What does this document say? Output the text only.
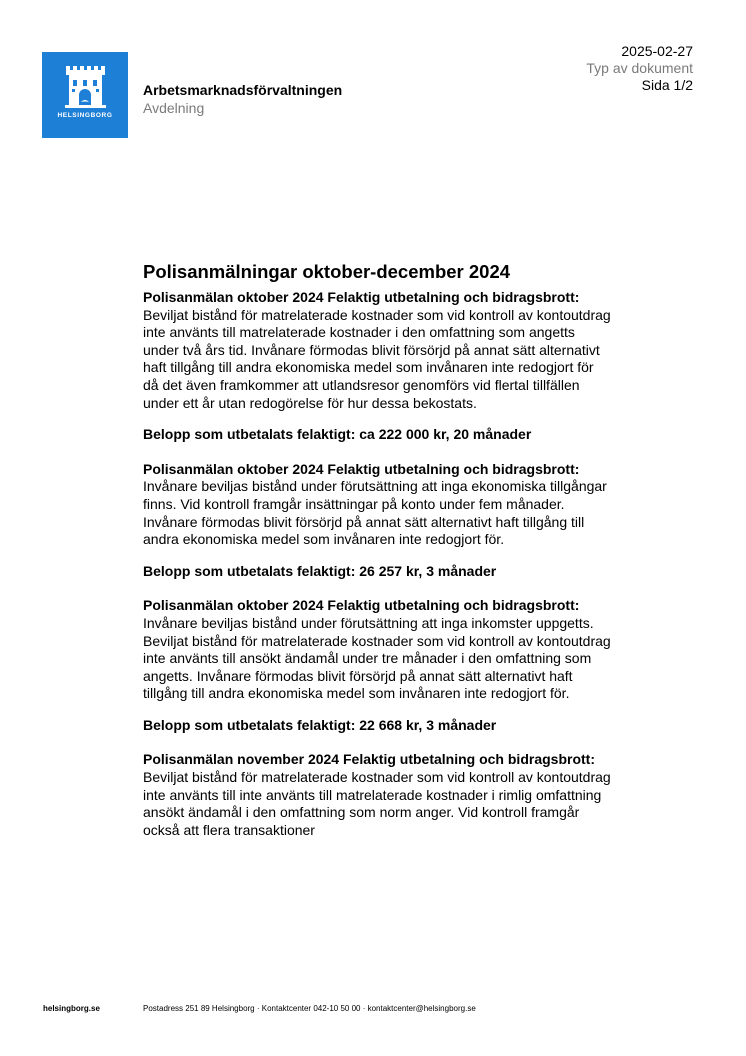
HELSINGBORG
Arbetsmarknadsförvaltningen
Avdelning
2025-02-27
Typ av dokument
Sida 1/2
Polisanmälningar oktober-december 2024

Polisanmälan oktober 2024 Felaktig utbetalning och bidragsbrott: Beviljat bistånd för matrelaterade kostnader som vid kontroll av kontoutdrag inte använts till matrelaterade kostnader i den omfattning som angetts under två års tid. Invånare förmodas blivit försörjd på annat sätt alternativt haft tillgång till andra ekonomiska medel som invånaren inte redogjort för då det även framkommer att utlandsresor genomförs vid flertal tillfällen under ett år utan redogörelse för hur dessa bekostats.

Belopp som utbetalats felaktigt: ca 222 000 kr, 20 månader

Polisanmälan oktober 2024 Felaktig utbetalning och bidragsbrott: Invånare beviljas bistånd under förutsättning att inga ekonomiska tillgångar finns. Vid kontroll framgår insättningar på konto under fem månader. Invånare förmodas blivit försörjd på annat sätt alternativt haft tillgång till andra ekonomiska medel som invånaren inte redogjort för.

Belopp som utbetalats felaktigt: 26 257 kr, 3 månader

Polisanmälan oktober 2024 Felaktig utbetalning och bidragsbrott: Invånare beviljas bistånd under förutsättning att inga inkomster uppgetts. Beviljat bistånd för matrelaterade kostnader som vid kontroll av kontoutdrag inte använts till ansökt ändamål under tre månader i den omfattning som angetts. Invånare förmodas blivit försörjd på annat sätt alternativt haft tillgång till andra ekonomiska medel som invånaren inte redogjort för.

Belopp som utbetalats felaktigt: 22 668 kr, 3 månader

Polisanmälan november 2024 Felaktig utbetalning och bidragsbrott: Beviljat bistånd för matrelaterade kostnader som vid kontroll av kontoutdrag inte använts till inte använts till matrelaterade kostnader i rimlig omfattning ansökt ändamål i den omfattning som norm anger. Vid kontroll framgår också att flera transaktioner

helsingborg.se	Postadress 251 89 Helsingborg · Kontaktcenter 042-10 50 00 · kontaktcenter@helsingborg.se
